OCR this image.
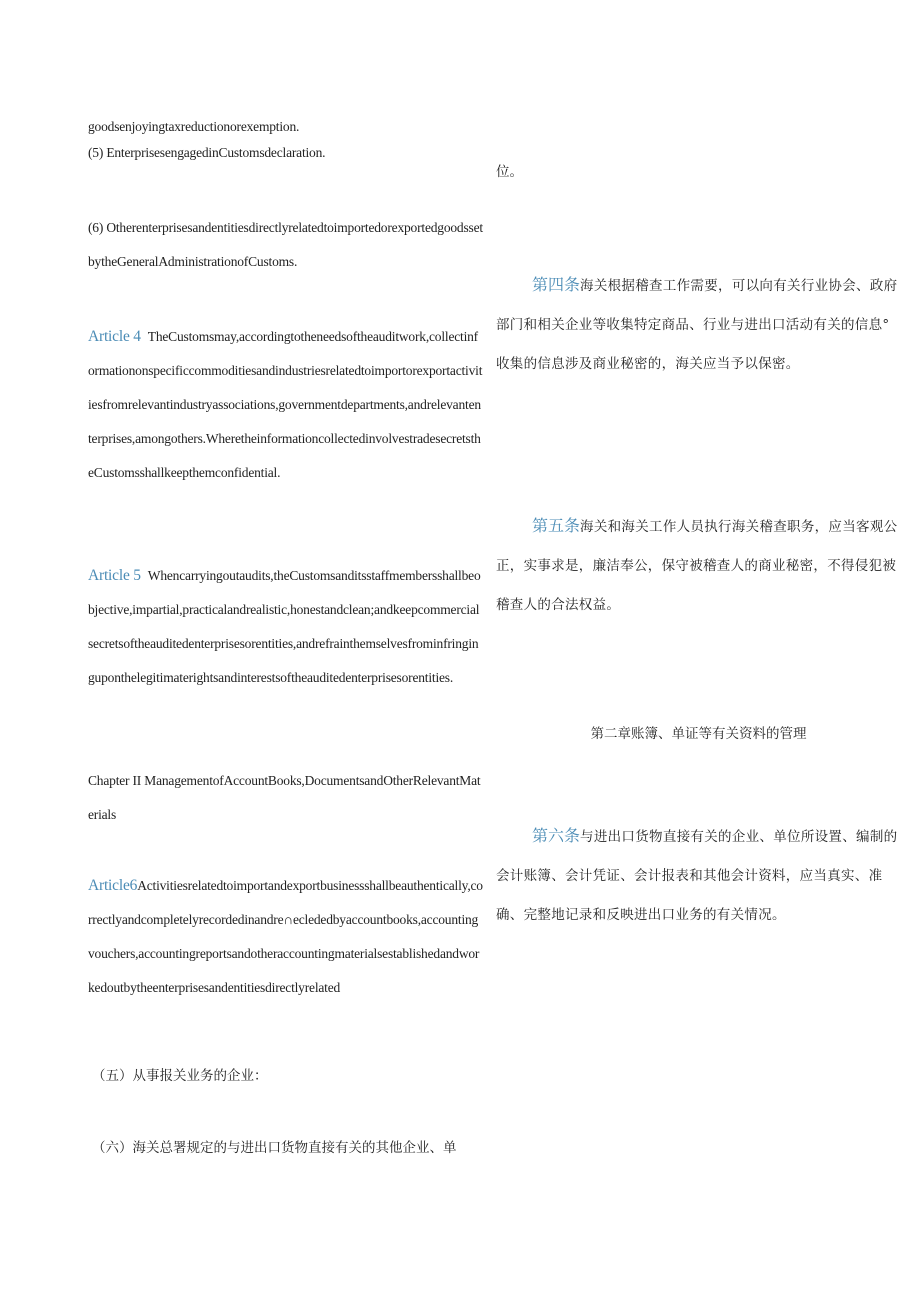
goodsenjoyingtaxreductionorexemption.

(5) EnterprisesengagedinCustomsdeclaration.

(6) OtherenterprisesandentitiesdirectlyrelatedtoimportedorexportedgoodssetbytheGeneralAdministrationofCustoms.

Article 4 TheCustomsmay,accordingtotheneedsoftheauditwork,collectinformationonspecificcommoditiesandindustriesrelatedtoimportorexportactivitiesfromrelevantindustryassociations,governmentdepartments,andrelevantenterprises,amongothers.WheretheinformationcollectedinvolvestradesecretstheCustomsshallkeepthemconfidential.

Article 5 Whencarryingoutaudits,theCustomsanditsstaffmembersshallbeobjective,impartial,practicalandrealistic,honestandclean;andkeepcommercialsecretsoftheauditedenterprisesorentities,andrefrainthemselvesfrominfringinguponthelegitimaterightsandinterestsoftheauditedenterprisesorentities.

Chapter II ManagementofAccountBooks,DocumentsandOtherRelevantMaterials

Article6Activitiesrelatedtoimportandexportbusinessshallbeauthentically,correctlyandcompletelyrecordedinandre∩eclededbyaccountbooks,accountingvouchers,accountingreportsandotheraccountingmaterialsestablishedandworkedoutbytheenterprisesandentitiesdirectlyrelated

（五）从事报关业务的企业：

（六）海关总署规定的与进出口货物直接有关的其他企业、单

位。

第四条海关根据稽查工作需要，可以向有关行业协会、政府部门和相关企业等收集特定商品、行业与进出口活动有关的信息°收集的信息涉及商业秘密的，海关应当予以保密。

第五条海关和海关工作人员执行海关稽查职务，应当客观公正，实事求是，廉洁奉公，保守被稽查人的商业秘密，不得侵犯被稽查人的合法权益。

第二章账簿、单证等有关资料的管理

第六条与进出口货物直接有关的企业、单位所设置、编制的会计账簿、会计凭证、会计报表和其他会计资料，应当真实、准确、完整地记录和反映进出口业务的有关情况。
